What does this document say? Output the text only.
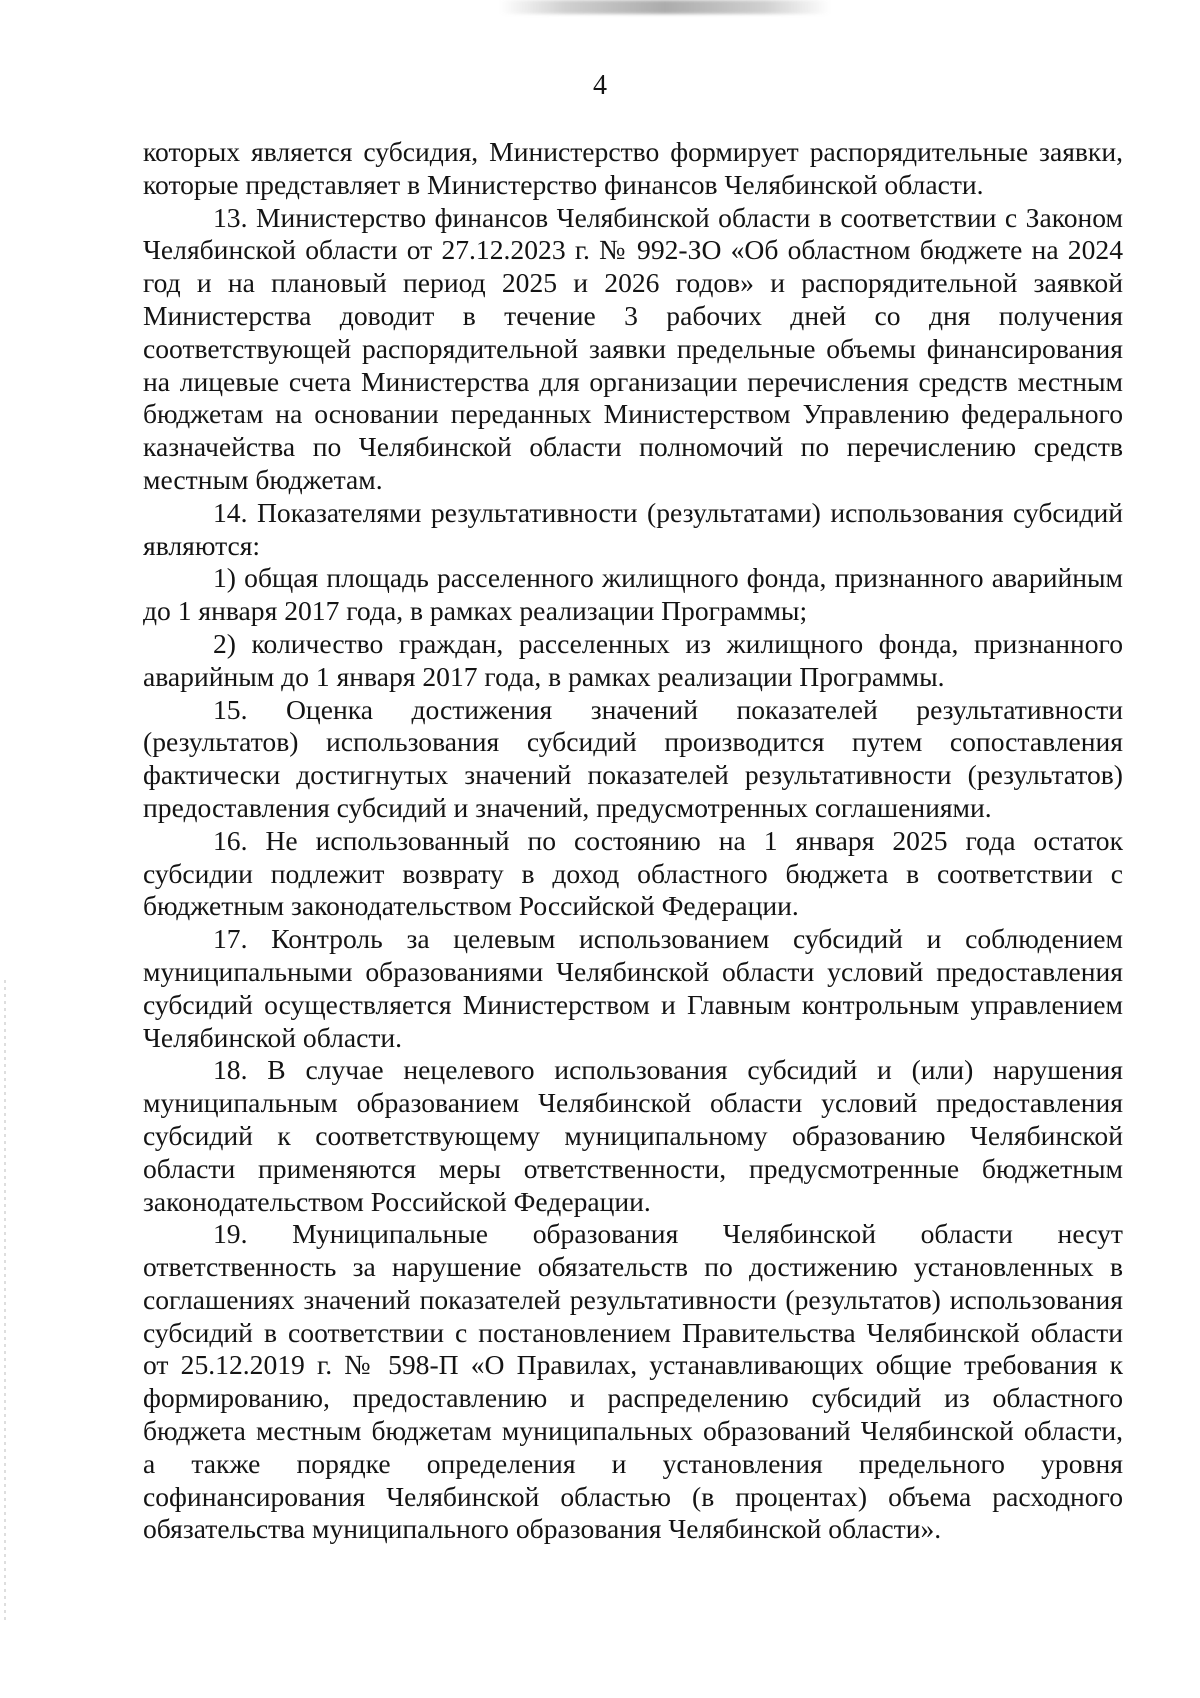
4

которых является субсидия, Министерство формирует распорядительные заявки, которые представляет в Министерство финансов Челябинской области.

13. Министерство финансов Челябинской области в соответствии с Законом Челябинской области от 27.12.2023 г. № 992-ЗО «Об областном бюджете на 2024 год и на плановый период 2025 и 2026 годов» и распорядительной заявкой Министерства доводит в течение 3 рабочих дней со дня получения соответствующей распорядительной заявки предельные объемы финансирования на лицевые счета Министерства для организации перечисления средств местным бюджетам на основании переданных Министерством Управлению федерального казначейства по Челябинской области полномочий по перечислению средств местным бюджетам.

14. Показателями результативности (результатами) использования субсидий являются:

1) общая площадь расселенного жилищного фонда, признанного аварийным до 1 января 2017 года, в рамках реализации Программы;

2) количество граждан, расселенных из жилищного фонда, признанного аварийным до 1 января 2017 года, в рамках реализации Программы.

15. Оценка достижения значений показателей результативности (результатов) использования субсидий производится путем сопоставления фактически достигнутых значений показателей результативности (результатов) предоставления субсидий и значений, предусмотренных соглашениями.

16. Не использованный по состоянию на 1 января 2025 года остаток субсидии подлежит возврату в доход областного бюджета в соответствии с бюджетным законодательством Российской Федерации.

17. Контроль за целевым использованием субсидий и соблюдением муниципальными образованиями Челябинской области условий предоставления субсидий осуществляется Министерством и Главным контрольным управлением Челябинской области.

18. В случае нецелевого использования субсидий и (или) нарушения муниципальным образованием Челябинской области условий предоставления субсидий к соответствующему муниципальному образованию Челябинской области применяются меры ответственности, предусмотренные бюджетным законодательством Российской Федерации.

19. Муниципальные образования Челябинской области несут ответственность за нарушение обязательств по достижению установленных в соглашениях значений показателей результативности (результатов) использования субсидий в соответствии с постановлением Правительства Челябинской области от 25.12.2019 г. № 598-П «О Правилах, устанавливающих общие требования к формированию, предоставлению и распределению субсидий из областного бюджета местным бюджетам муниципальных образований Челябинской области, а также порядке определения и установления предельного уровня софинансирования Челябинской областью (в процентах) объема расходного обязательства муниципального образования Челябинской области».
